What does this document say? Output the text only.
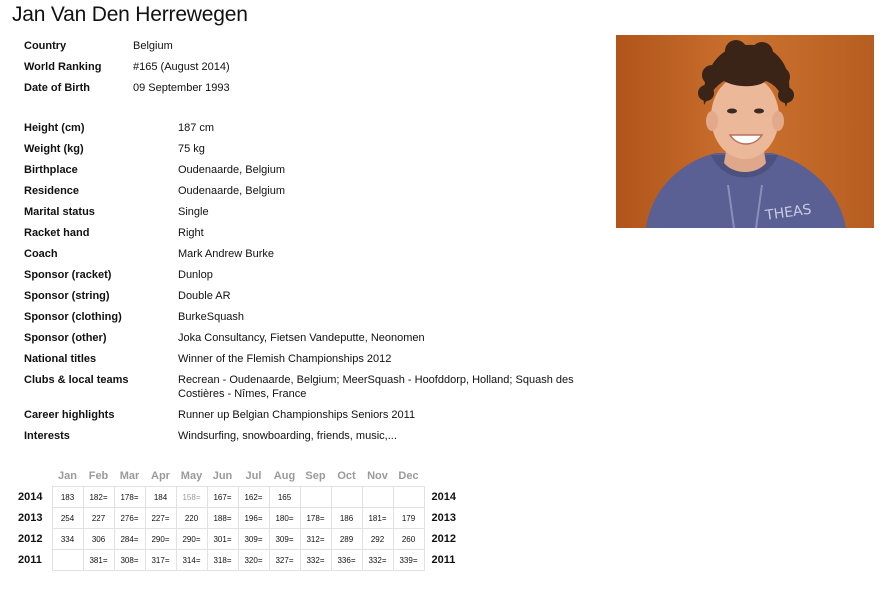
Jan Van Den Herrewegen
Country	Belgium
World Ranking	#165 (August 2014)
Date of Birth	09 September 1993
Height (cm)	187 cm
Weight (kg)	75 kg
Birthplace	Oudenaarde, Belgium
Residence	Oudenaarde, Belgium
Marital status	Single
Racket hand	Right
Coach	Mark Andrew Burke
Sponsor (racket)	Dunlop
Sponsor (string)	Double AR
Sponsor (clothing)	BurkeSquash
Sponsor (other)	Joka Consultancy, Fietsen Vandeputte, Neonomen
National titles	Winner of the Flemish Championships 2012
Clubs & local teams	Recrean - Oudenaarde, Belgium; MeerSquash - Hoofddorp, Holland; Squash des Costières - Nîmes, France
Career highlights	Runner up Belgian Championships Seniors 2011
Interests	Windsurfing, snowboarding, friends, music,...
THEAS
	Jan	Feb	Mar	Apr	May	Jun	Jul	Aug	Sep	Oct	Nov	Dec	
2014	183	182=	178=	184	158=	167=	162=	165					2014
2013	254	227	276=	227=	220	188=	196=	180=	178=	186	181=	179	2013
2012	334	306	284=	290=	290=	301=	309=	309=	312=	289	292	260	2012
2011		381=	308=	317=	314=	318=	320=	327=	332=	336=	332=	339=	2011
